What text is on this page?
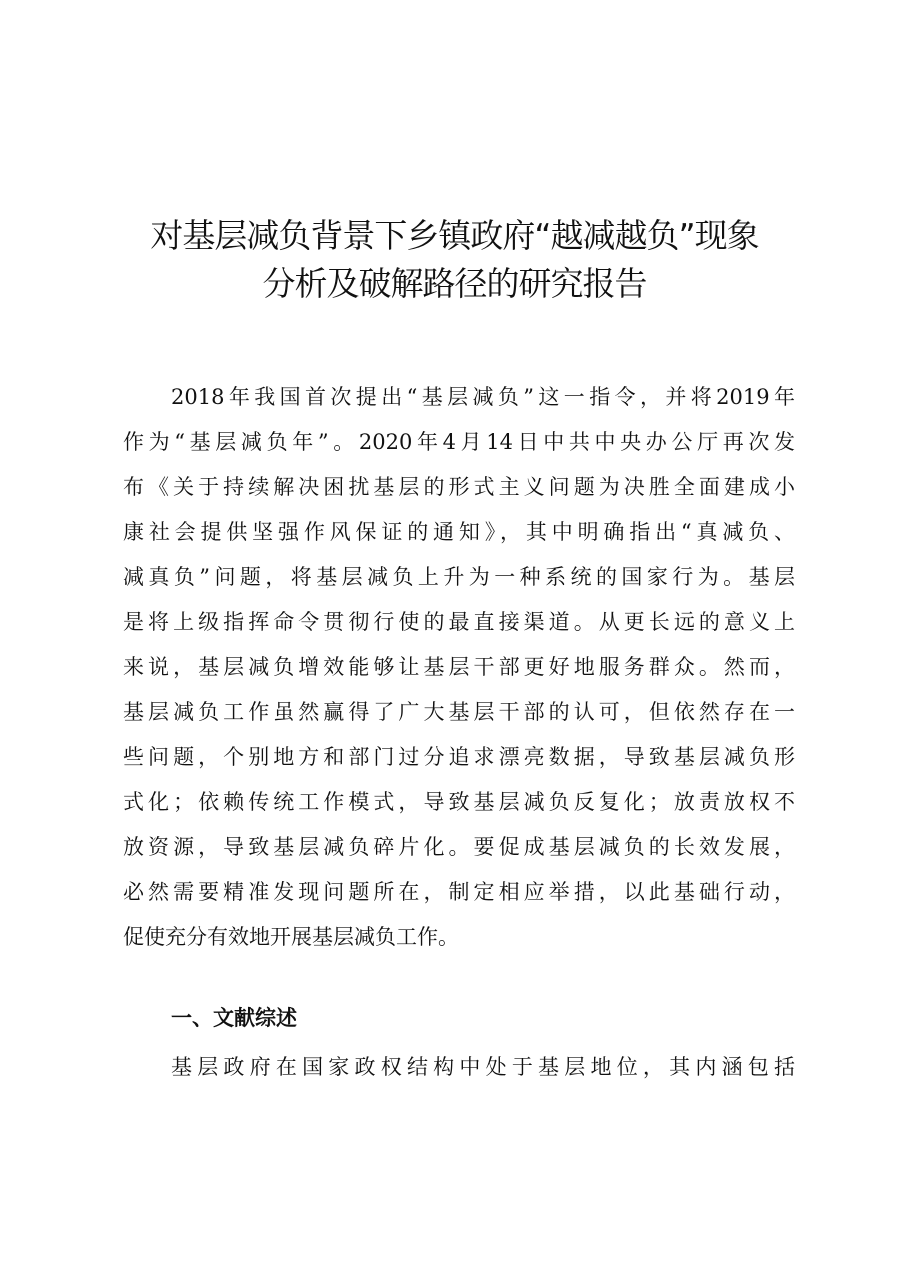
对基层减负背景下乡镇政府“越减越负”现象
分析及破解路径的研究报告
2018年我国首次提出“基层减负”这一指令，并将2019年
作为“基层减负年”。2020年4月14日中共中央办公厅再次发
布《关于持续解决困扰基层的形式主义问题为决胜全面建成小
康社会提供坚强作风保证的通知》，其中明确指出“真减负、
减真负”问题，将基层减负上升为一种系统的国家行为。基层
是将上级指挥命令贯彻行使的最直接渠道。从更长远的意义上
来说，基层减负增效能够让基层干部更好地服务群众。然而，
基层减负工作虽然赢得了广大基层干部的认可，但依然存在一
些问题，个别地方和部门过分追求漂亮数据，导致基层减负形
式化；依赖传统工作模式，导致基层减负反复化；放责放权不
放资源，导致基层减负碎片化。要促成基层减负的长效发展，
必然需要精准发现问题所在，制定相应举措，以此基础行动，
促使充分有效地开展基层减负工作。
一、文献综述
基层政府在国家政权结构中处于基层地位，其内涵包括
